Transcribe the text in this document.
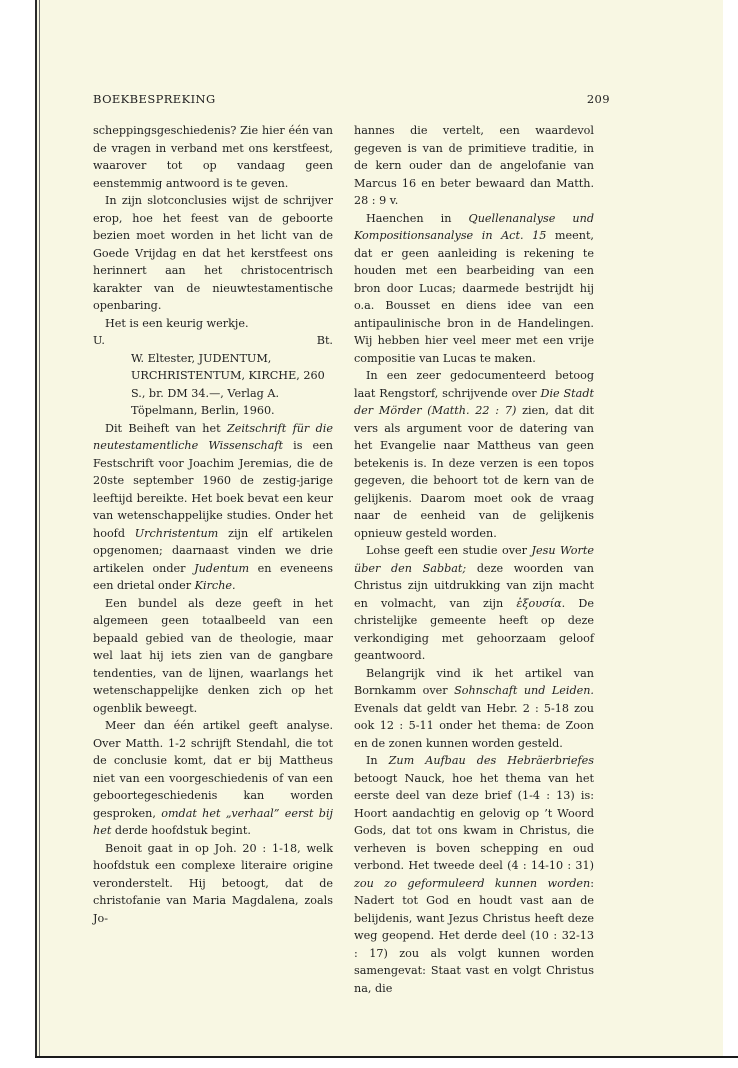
BOEKBESPREKING	209

scheppingsgeschiedenis? Zie hier één van de vragen in verband met ons kerstfeest, waarover tot op vandaag geen eenstemmig antwoord is te geven.

In zijn slotconclusies wijst de schrijver erop, hoe het feest van de geboorte bezien moet worden in het licht van de Goede Vrijdag en dat het kerstfeest ons herinnert aan het christocentrisch karakter van de nieuwtestamentische openbaring.

Het is een keurig werkje.

U.	Bt.

W. Eltester, JUDENTUM, URCHRISTENTUM, KIRCHE, 260 S., br. DM 34.—, Verlag A. Töpelmann, Berlin, 1960.

Dit Beiheft van het Zeitschrift für die neutestamentliche Wissenschaft is een Festschrift voor Joachim Jeremias, die de 20ste september 1960 de zestig-jarige leeftijd bereikte. Het boek bevat een keur van wetenschappelijke studies. Onder het hoofd Urchristentum zijn elf artikelen opgenomen; daarnaast vinden we drie artikelen onder Judentum en eveneens een drietal onder Kirche.

Een bundel als deze geeft in het algemeen geen totaalbeeld van een bepaald gebied van de theologie, maar wel laat hij iets zien van de gangbare tendenties, van de lijnen, waarlangs het wetenschappelijke denken zich op het ogenblik beweegt.

Meer dan één artikel geeft analyse. Over Matth. 1-2 schrijft Stendahl, die tot de conclusie komt, dat er bij Mattheus niet van een voorgeschiedenis of van een geboortegeschiedenis kan worden gesproken, omdat het „verhaal” eerst bij het derde hoofdstuk begint.

Benoit gaat in op Joh. 20 : 1-18, welk hoofdstuk een complexe literaire origine veronderstelt. Hij betoogt, dat de christofanie van Maria Magdalena, zoals Jo-

hannes die vertelt, een waardevol gegeven is van de primitieve traditie, in de kern ouder dan de angelofanie van Marcus 16 en beter bewaard dan Matth. 28 : 9 v.

Haenchen in Quellenanalyse und Kompositionsanalyse in Act. 15 meent, dat er geen aanleiding is rekening te houden met een bearbeiding van een bron door Lucas; daarmede bestrijdt hij o.a. Bousset en diens idee van een antipaulinische bron in de Handelingen. Wij hebben hier veel meer met een vrije compositie van Lucas te maken.

In een zeer gedocumenteerd betoog laat Rengstorf, schrijvende over Die Stadt der Mörder (Matth. 22 : 7) zien, dat dit vers als argument voor de datering van het Evangelie naar Mattheus van geen betekenis is. In deze verzen is een topos gegeven, die behoort tot de kern van de gelijkenis. Daarom moet ook de vraag naar de eenheid van de gelijkenis opnieuw gesteld worden.

Lohse geeft een studie over Jesu Worte über den Sabbat; deze woorden van Christus zijn uitdrukking van zijn macht en volmacht, van zijn ἐξουσία. De christelijke gemeente heeft op deze verkondiging met gehoorzaam geloof geantwoord.

Belangrijk vind ik het artikel van Bornkamm over Sohnschaft und Leiden. Evenals dat geldt van Hebr. 2 : 5-18 zou ook 12 : 5-11 onder het thema: de Zoon en de zonen kunnen worden gesteld.

In Zum Aufbau des Hebräerbriefes betoogt Nauck, hoe het thema van het eerste deel van deze brief (1-4 : 13) is: Hoort aandachtig en gelovig op ’t Woord Gods, dat tot ons kwam in Christus, die verheven is boven schepping en oud verbond. Het tweede deel (4 : 14-10 : 31) zou zo geformuleerd kunnen worden: Nadert tot God en houdt vast aan de belijdenis, want Jezus Christus heeft deze weg geopend. Het derde deel (10 : 32-13 : 17) zou als volgt kunnen worden samengevat: Staat vast en volgt Christus na, die
